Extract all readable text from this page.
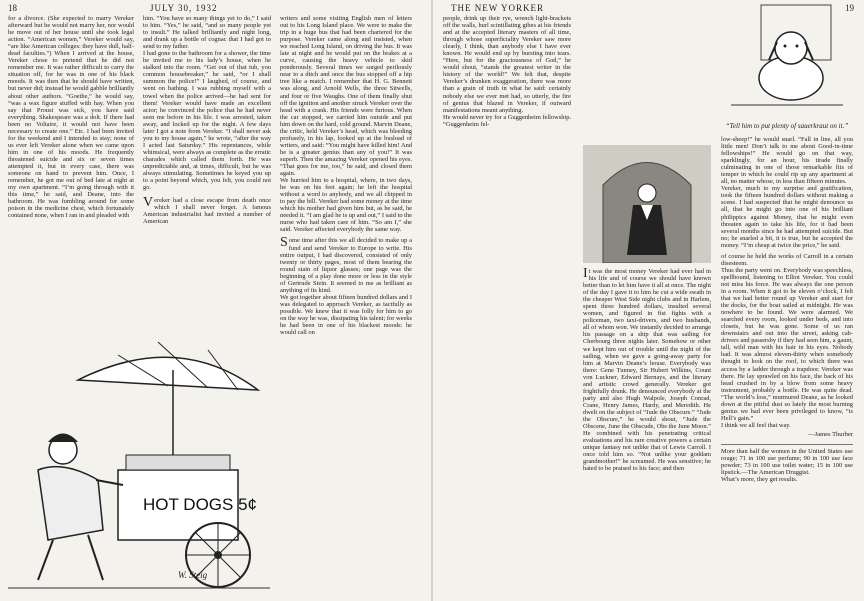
18	JULY 30, 1932

for a divorce. (She expected to marry Vereker afterward but he would not marry her, nor would he move out of her house until she took legal action. “American women,” Vereker would say, “are like American colleges: they have dull, half-dead faculties.”) When I arrived at the house, Vereker chose to pretend that he did not remember me. It was rather difficult to carry the situation off, for he was in one of his black moods. It was then that he should have written, but never did; instead he would gabble brilliantly about other authors. “Goethe,” he would say, “was a wax figure stuffed with hay. When you say that Proust was sick, you have said everything. Shakespeare was a dolt. If there had been no Voltaire, it would not have been necessary to create one.” Etc. I had been invited for the weekend and I intended to stay; none of us ever left Vereker alone when we came upon him in one of his moods. He frequently threatened suicide and six or seven times attempted it, but in every case, there was someone on hand to prevent him. Once, I remember, he got me out of bed late at night at my own apartment. “I’m going through with it this time,” he said, and Deane, into the bathroom. He was fumbling around for some poison in the medicine chest, which fortunately contained none, when I ran in and pleaded with

him. “You have so many things yet to do,” I said to him. “Yes,” he said, “and so many people yet to insult.” He talked brilliantly and night long, and drank up a bottle of cognac that I had got to send to my father.

I had gone to the bathroom for a shower, the time he invited me to his lady’s house, when he stalked into the room. “Get out of that tub, you common housebreaker,” he said, “or I shall summon the police!” I laughed, of course, and went on bathing. I was rubbing myself with a towel when the police arrived—he had sent for them! Vereker would have made an excellent actor; he convinced the police that he had never seen me before in his life. I was arrested, taken away, and locked up for the night. A few days later I got a note from Vereker. “I shall never ask you to my house again,” he wrote, “after the way I acted last Saturday.” His repentances, while whimsical, were always as complete as the erratic charades which called them forth. He was unpredictable and, at times, difficult, but he was always stimulating. Sometimes he keyed you up to a point beyond which, you felt, you could not go.

Vereker had a close escape from death once which I shall never forget. A famous American industrialist had invited a number of American

writers and some visiting English men of letters out to his Long Island place. We were to make the trip in a huge bus that had been chartered for the purpose. Vereker came along and insisted, when we reached Long Island, on driving the bus. It was late at night and he would put on the brakes at a curve, causing the heavy vehicle to skid ponderously. Several times we surged perilously near to a ditch and once the bus stopped off a hip tree like a match. I remember that H. G. Bennett was along, and Arnold Wells, the three Sitwells, and four or five Waughs. One of them finally shut off the ignition and another struck Vereker over the head with a crank. His friends were furious. When the car stopped, we carried him outside and put him down on the hard, cold ground. Marvin Deane, the critic, held Vereker’s head, which was bleeding profusely, in his lap, looked up at the busload of writers, and said: “You might have killed him! And he is a greater genius than any of you!” It was superb. Then the amazing Vereker opened his eyes. “That goes for me, too,” he said, and closed them again.

We hurried him to a hospital, where, in two days, he was on his feet again; he left the hospital without a word to anybody, and we all chipped in to pay the bill. Vereker had some money at the time which his mother had given him but, as he said, he needed it. “I am glad he is up and out,” I said to the nurse who had taken care of him. “So am I,” she said. Vereker affected everybody the same way.

Some time after this we all decided to make up a fund and send Vereker to Europe to write. His entire output, I had discovered, consisted of only twenty or thirty pages, most of them bearing the round stain of liquor glasses; one page was the beginning of a play done more or less in the style of Gertrude Stein. It seemed to me as brilliant as anything of its kind.

We got together about fifteen hundred dollars and I was delegated to approach Vereker, as tactfully as possible. We knew that it was folly for him to go on the way he was, dissipating his talent; for weeks he had been in one of his blackest moods: he would call on

HOT DOGS 5¢
W. Steig
THE NEW YORKER	19

people, drink up their rye, wrench light-brackets off the walls, hurl scintillating gibes at his friends and at the accepted literary masters of all time, through whose superficiality Vereker saw more clearly, I think, than anybody else I have ever known. He would end up by bursting into tears. “Here, but for the graciousness of God,” he would shout, “stands the greatest writer in the history of the world!” We felt that, despite Vereker’s drunken exaggeration, there was more than a grain of truth in what he said: certainly nobody else we ever met had, so utterly, the fire of genius that blazed in Vereker, if outward manifestations meant anything.

He would never try for a Guggenheim fellowship. “Guggenheim fel-

It was the most money Vereker had ever had in his life and of course we should have known better than to let him have it all at once. The night of the day I gave it to him he cut a wide swath in the cheaper West Side night clubs and in Harlem, spent three hundred dollars, insulted several women, and figured in fist fights with a policeman, two taxi-drivers, and two husbands, all of whom won. We instantly decided to arrange his passage on a ship that was sailing for Cherbourg three nights later. Somehow or other we kept him out of trouble until the night of the sailing, when we gave a going-away party for him at Marvin Deane’s house. Everybody was there: Gene Tunney, Sir Hubert Wilkins, Count von Luckner, Edward Bernays, and the literary and artistic crowd generally. Vereker got frightfully drunk. He denounced everybody at the party and also Hugh Walpole, Joseph Conrad, Crane, Henry James, Hardy, and Meredith. He dwelt on the subject of “Jude the Obscure.” “Jude the Obscure,” he would shout, “Jude the Obscene, June the Obscude, Obs the June Moon.” He combined with his penetrating critical evaluations and his rare creative powers a certain unique fantasy not unlike that of Lewis Carroll. I once told him so. “Not unlike your goddam grandmother!” he screamed. He was sensitive; he hated to be praised to his face; and then

“Tell him to put plenty of sauerkraut on it.”

low-sheep!” he would snarl. “Fall in line, all you little men! Don’t talk to me about Good-in-time fellowships!” He would go on that way, sparklingly, for an hour, his tirade finally culminating in one of those remarkable fits of temper in which he could rip up any apartment at all, no matter whose, in less than fifteen minutes.

Vereker, much to my surprise and gratification, took the fifteen hundred dollars without making a scene. I had suspected that he might denounce us all, that he might go into one of his brilliant philippics against Money, that he might even threaten again to take his life, for it had been several months since he had attempted suicide. But no; he snarled a bit, it is true, but he accepted the money. “I’m cheap at twice the price,” he said.

of course he held the works of Carroll in a certain disesteem.

Thus the party went on. Everybody was speechless, spellbound, listening to Elliot Vereker. You could not miss his force. He was always the one person in a room. When it got to be eleven o’clock, I felt that we had better round up Vereker and start for the docks, for the boat sailed at midnight. He was nowhere to be found. We were alarmed. We searched every room, looked under beds, and into closets, but he was gone. Some of us ran downstairs and out into the street, asking cab-drivers and passersby if they had seen him, a gaunt, tall, wild man with his hair in his eyes. Nobody had. It was almost eleven-thirty when somebody thought to look on the roof, to which there was access by a ladder through a trapdoor. Vereker was there. He lay sprawled on his face, the back of his head crushed in by a blow from some heavy instrument, probably a bottle. He was quite dead. “The world’s loss,” murmured Deane, as he looked down at the pitiful dust so lately the most burning genius we had ever been privileged to know, “is Hell’s gain.”

I think we all feel that way.

—James Thurber

More than half the women in the United States use rouge; 71 in 100 use perfume; 90 in 100 use face powder; 73 in 100 use toilet water; 15 in 100 use lipstick.—The American Druggist.

What’s more, they get results.
